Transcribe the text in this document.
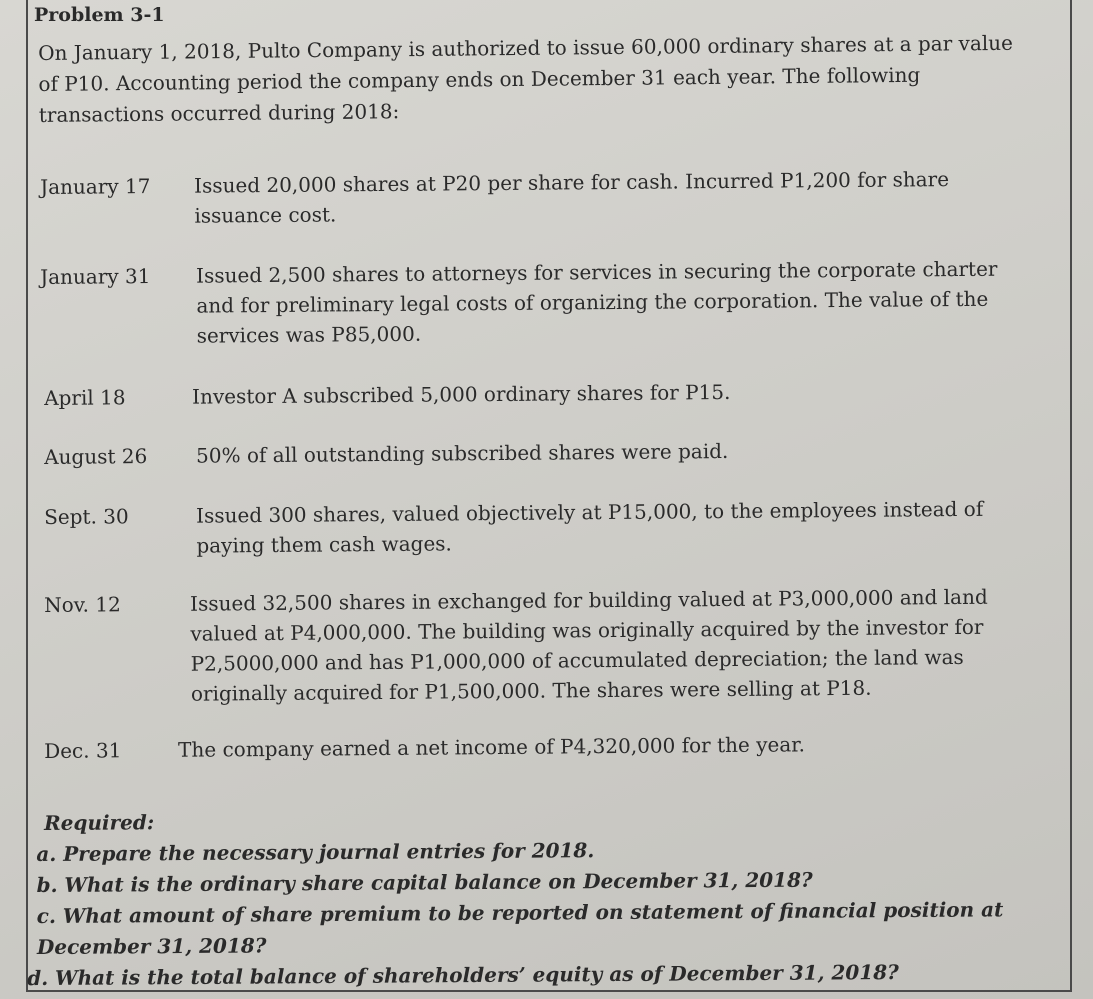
Problem 3-1
On January 1, 2018, Pulto Company is authorized to issue 60,000 ordinary shares at a par value of P10. Accounting period the company ends on December 31 each year. The following transactions occurred during 2018:
January 17 Issued 20,000 shares at P20 per share for cash. Incurred P1,200 for share issuance cost.
January 31 Issued 2,500 shares to attorneys for services in securing the corporate charter and for preliminary legal costs of organizing the corporation. The value of the services was P85,000.
April 18	Investor A subscribed 5,000 ordinary shares for P15.
August 26 50% of all outstanding subscribed shares were paid.
Sept. 30	Issued 300 shares, valued objectively at P15,000, to the employees instead of paying them cash wages.
Nov. 12	Issued 32,500 shares in exchanged for building valued at P3,000,000 and land valued at P4,000,000. The building was originally acquired by the investor for P2,5000,000 and has P1,000,000 of accumulated depreciation; the land was originally acquired for P1,500,000. The shares were selling at P18.
Dec. 31	The company earned a net income of P4,320,000 for the year.
Required:
a. Prepare the necessary journal entries for 2018.
b. What is the ordinary share capital balance on December 31, 2018?
c. What amount of share premium to be reported on statement of financial position at December 31, 2018?
d. What is the total balance of shareholders’ equity as of December 31, 2018?
